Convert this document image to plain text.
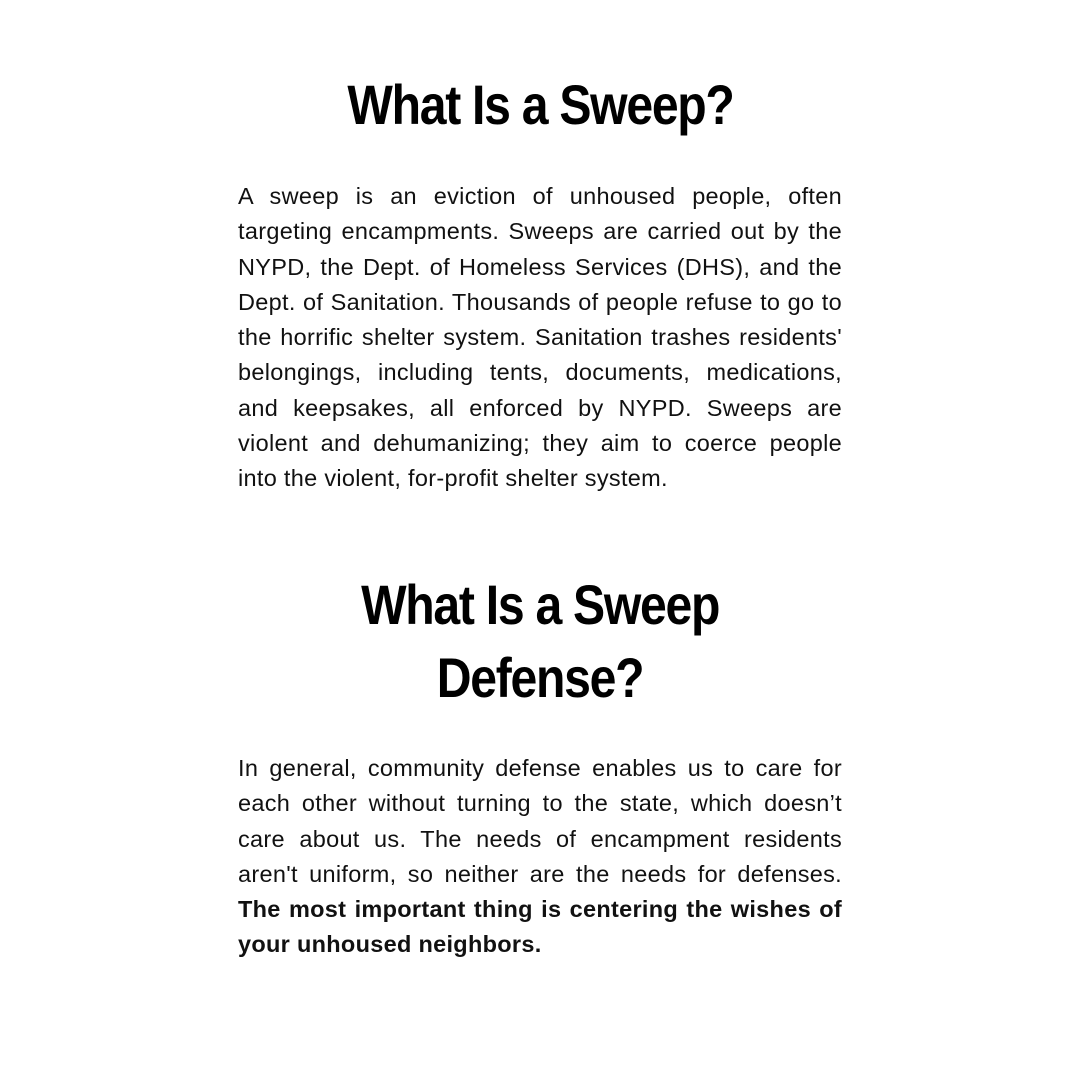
What Is a Sweep?

A sweep is an eviction of unhoused people, often targeting encampments. Sweeps are carried out by the NYPD, the Dept. of Homeless Services (DHS), and the Dept. of Sanitation. Thousands of people refuse to go to the horrific shelter system. Sanitation trashes residents' belongings, including tents, documents, medications, and keepsakes, all enforced by NYPD. Sweeps are violent and dehumanizing; they aim to coerce people into the violent, for-profit shelter system.

What Is a Sweep
Defense?

In general, community defense enables us to care for each other without turning to the state, which doesn’t care about us. The needs of encampment residents aren't uniform, so neither are the needs for defenses. The most important thing is centering the wishes of your unhoused neighbors.
